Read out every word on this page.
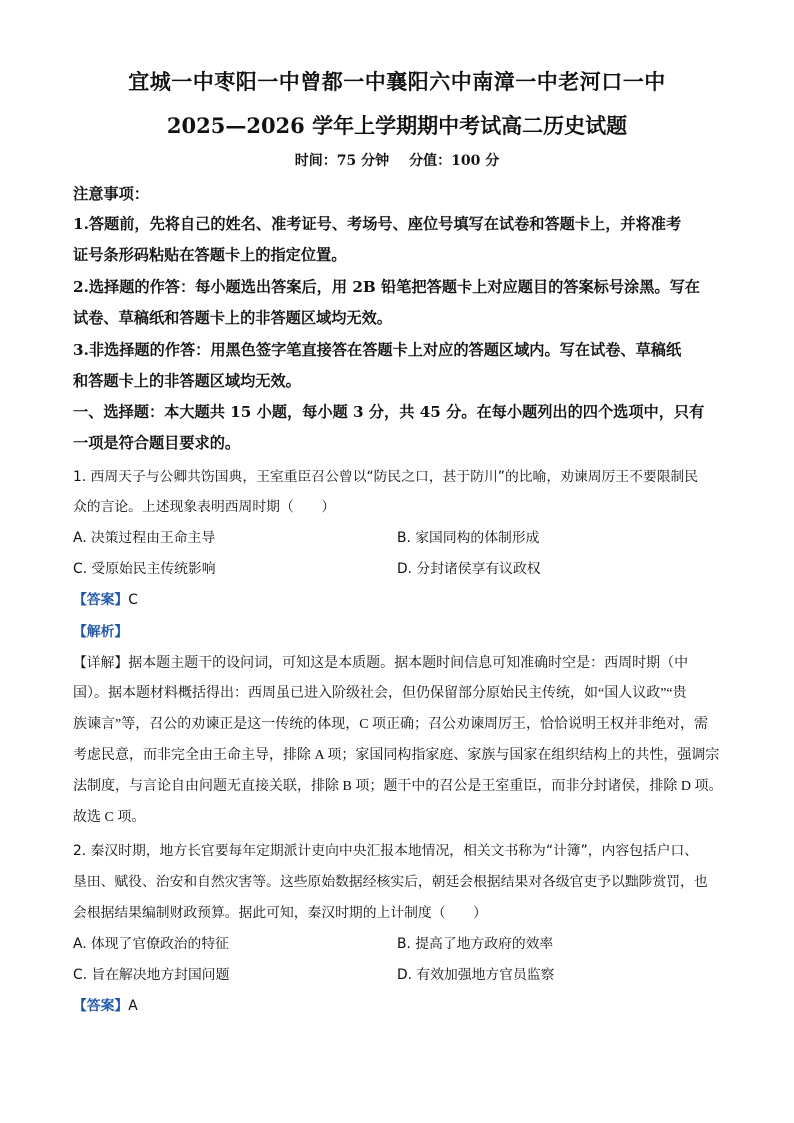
宜城一中枣阳一中曾都一中襄阳六中南漳一中老河口一中
2025—2026 学年上学期期中考试高二历史试题
时间：75 分钟 分值：100 分
注意事项：
1.答题前，先将自己的姓名、准考证号、考场号、座位号填写在试卷和答题卡上，并将准考
证号条形码粘贴在答题卡上的指定位置。
2.选择题的作答：每小题选出答案后，用 2B 铅笔把答题卡上对应题目的答案标号涂黑。写在
试卷、草稿纸和答题卡上的非答题区域均无效。
3.非选择题的作答：用黑色签字笔直接答在答题卡上对应的答题区域内。写在试卷、草稿纸
和答题卡上的非答题区域均无效。
一、选择题：本大题共 15 小题，每小题 3 分，共 45 分。在每小题列出的四个选项中，只有
一项是符合题目要求的。
1. 西周天子与公卿共饬国典，王室重臣召公曾以“防民之口，甚于防川”的比喻，劝谏周厉王不要限制民
众的言论。上述现象表明西周时期（　　）
A. 决策过程由王命主导	B. 家国同构的体制形成
C. 受原始民主传统影响	D. 分封诸侯享有议政权
【答案】C
【解析】
【详解】据本题主题干的设问词，可知这是本质题。据本题时间信息可知准确时空是：西周时期（中
国）。据本题材料概括得出：西周虽已进入阶级社会，但仍保留部分原始民主传统，如“国人议政”“贵
族谏言”等，召公的劝谏正是这一传统的体现，C 项正确；召公劝谏周厉王，恰恰说明王权并非绝对，需
考虑民意，而非完全由王命主导，排除 A 项；家国同构指家庭、家族与国家在组织结构上的共性，强调宗
法制度，与言论自由问题无直接关联，排除 B 项；题干中的召公是王室重臣，而非分封诸侯，排除 D 项。
故选 C 项。
2. 秦汉时期，地方长官要每年定期派计吏向中央汇报本地情况，相关文书称为“计簿”，内容包括户口、
垦田、赋役、治安和自然灾害等。这些原始数据经核实后，朝廷会根据结果对各级官吏予以黜陟赏罚，也
会根据结果编制财政预算。据此可知，秦汉时期的上计制度（　　）
A. 体现了官僚政治的特征	B. 提高了地方政府的效率
C. 旨在解决地方封国问题	D. 有效加强地方官员监察
【答案】A
